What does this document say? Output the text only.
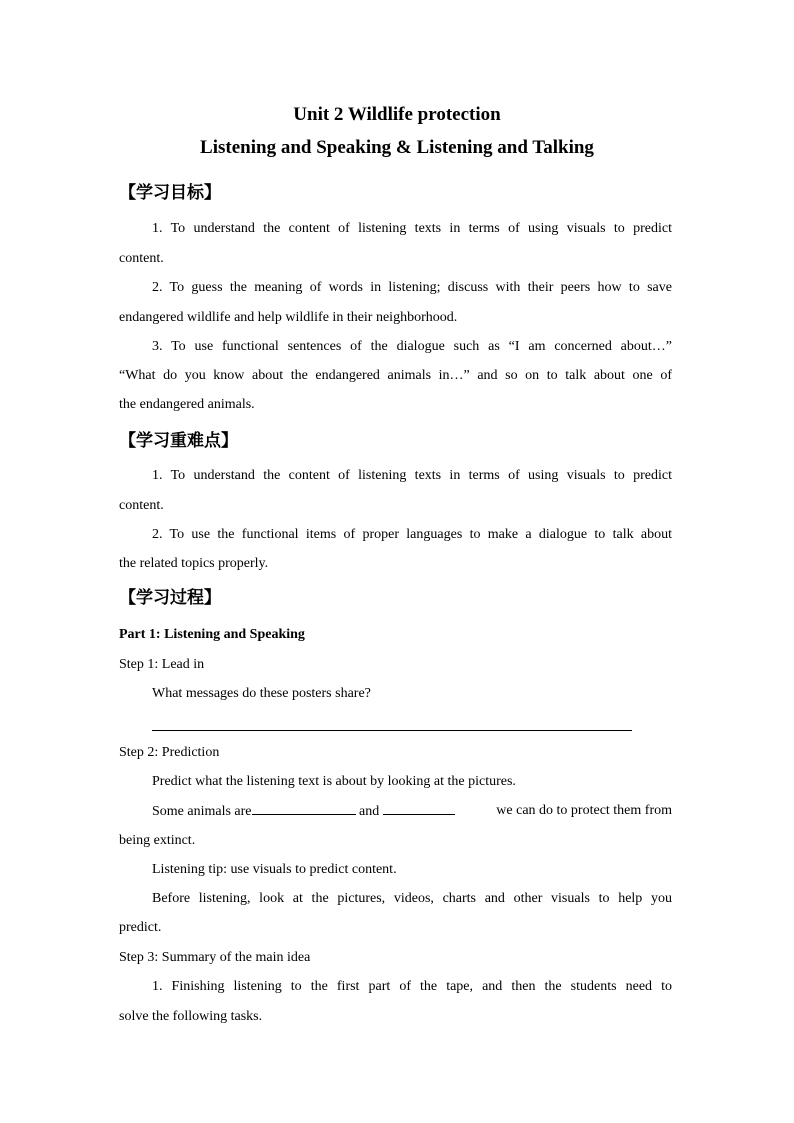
Unit 2 Wildlife protection
Listening and Speaking & Listening and Talking
【学习目标】
1. To understand the content of listening texts in terms of using visuals to predict
content.
2. To guess the meaning of words in listening; discuss with their peers how to save
endangered wildlife and help wildlife in their neighborhood.
3. To use functional sentences of the dialogue such as “I am concerned about…”
“What do you know about the endangered animals in…” and so on to talk about one of
the endangered animals.
【学习重难点】
1. To understand the content of listening texts in terms of using visuals to predict
content.
2. To use the functional items of proper languages to make a dialogue to talk about
the related topics properly.
【学习过程】
Part 1: Listening and Speaking
Step 1: Lead in
What messages do these posters share?
Step 2: Prediction
Predict what the listening text is about by looking at the pictures.
Some animals are	and	we can do to protect them from
being extinct.
Listening tip: use visuals to predict content.
Before listening, look at the pictures, videos, charts and other visuals to help you
predict.
Step 3: Summary of the main idea
1. Finishing listening to the first part of the tape, and then the students need to
solve the following tasks.
